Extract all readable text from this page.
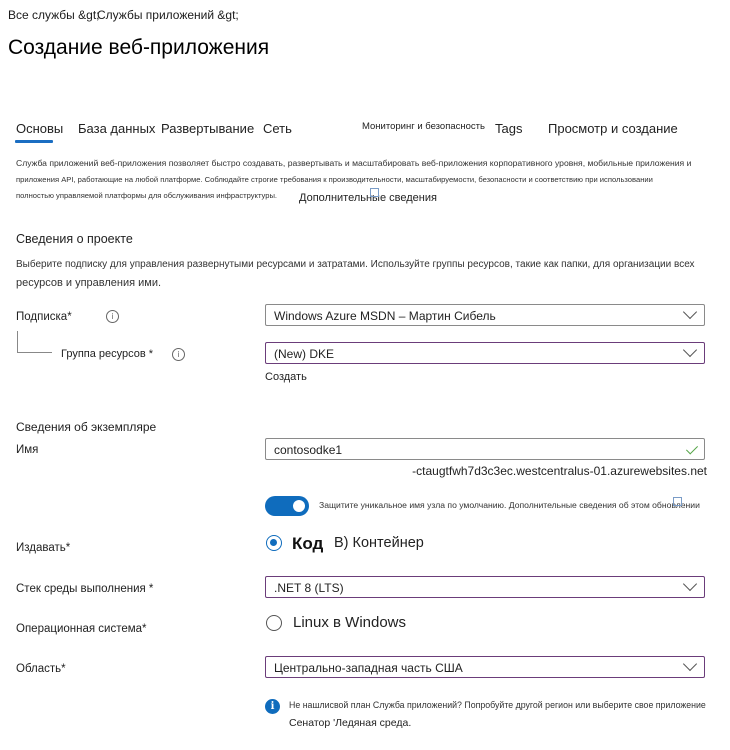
Все службы &gt;
Службы приложений &gt;
Создание веб-приложения
Основы База данных Развертывание Сеть	Мониторинг и безопасность Tags Просмотр и создание
Служба приложений веб-приложения позволяет быстро создавать, развертывать и масштабировать веб-приложения корпоративного уровня, мобильные приложения и
приложения API, работающие на любой платформе. Соблюдайте строгие требования к производительности, масштабируемости, безопасности и соответствию при использовании
полностью управляемой платформы для обслуживания инфраструктуры. Дополнительные сведения
Сведения о проекте
Выберите подписку для управления развернутыми ресурсами и затратами. Используйте группы ресурсов, такие как папки, для организации всех
ресурсов и управления ими.
Подписка*	i	Windows Azure MSDN – Мартин Сибель
Группа ресурсов *	i	(New) DKE
Создать
Сведения об экземпляре
Имя	contosodke1
-ctaugtfwh7d3c3ec.westcentralus-01.azurewebsites.net
Защитите уникальное имя узла по умолчанию. Дополнительные сведения об этом обновлении
Издавать*	Код В) Контейнер
Стек среды выполнения *	.NET 8 (LTS)
Операционная система*	Linux в Windows
Область*	Центрально-западная часть США
i	Не нашлисвой план Служба приложений? Попробуйте другой регион или выберите свое приложение
Сенатор 'Ледяная среда.
